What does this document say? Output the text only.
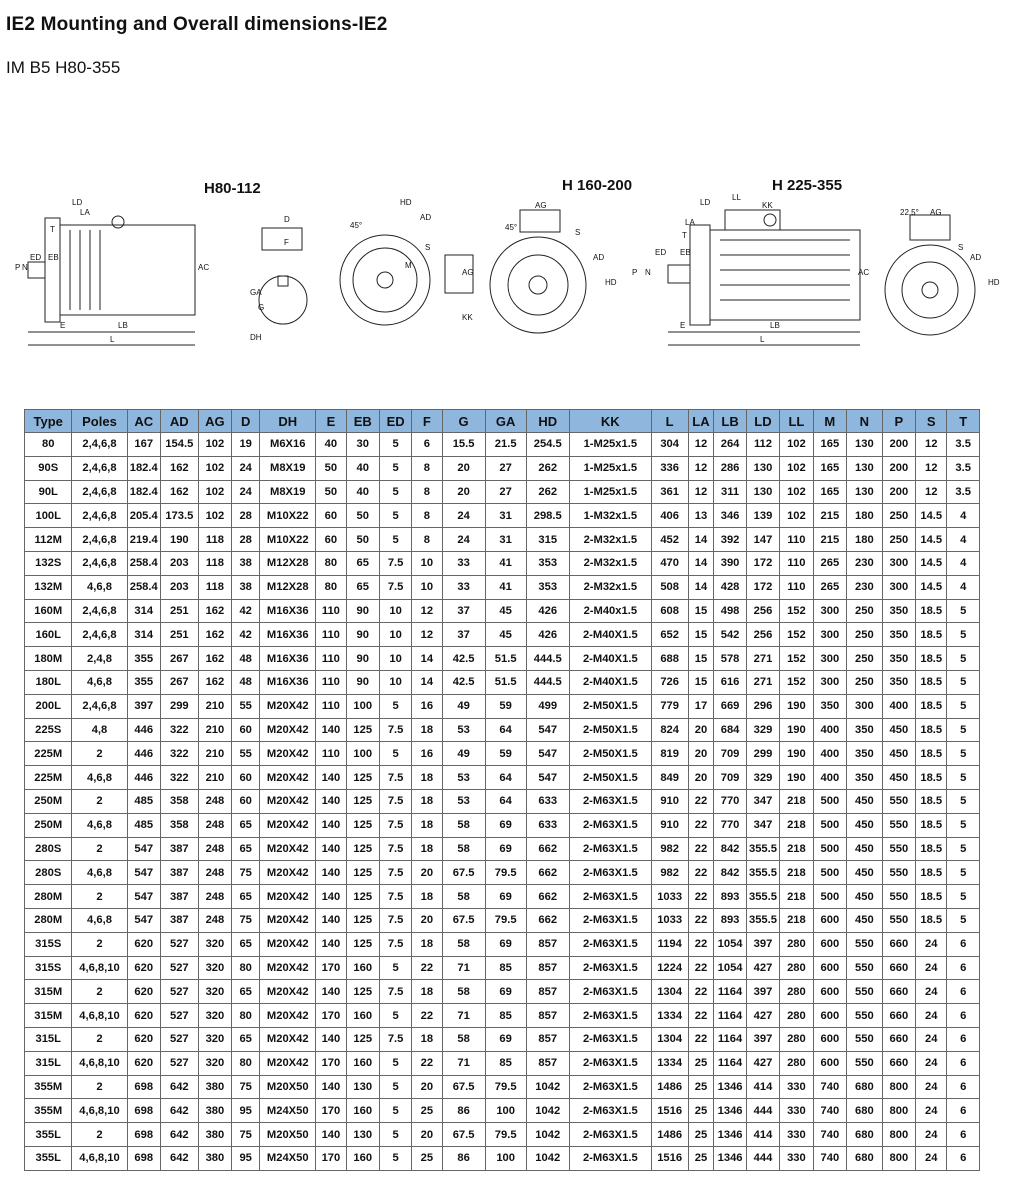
IE2 Mounting and Overall dimensions-IE2
IM B5 H80-355
H80-112	H 160-200	H 225-355
LD
LA
T
ED EB
P N
E	LB
L
AC
D
F
GA
G
DH
HD
AD
45°
S
M
AG
KK
AG
45°
S
AD
HD
LD
LL
KK
LA
T
ED EB
P N
E	LB
L
AC
22.5° AG
S
AD
HD
Type	Poles	AC	AD	AG	D	DH	E	EB	ED	F	G	GA	HD	KK	L	LA	LB	LD	LL	M	N	P	S	T
80	2,4,6,8	167	154.5	102	19	M6X16	40	30	5	6	15.5	21.5	254.5	1-M25x1.5	304	12	264	112	102	165	130	200	12	3.5
90S	2,4,6,8	182.4	162	102	24	M8X19	50	40	5	8	20	27	262	1-M25x1.5	336	12	286	130	102	165	130	200	12	3.5
90L	2,4,6,8	182.4	162	102	24	M8X19	50	40	5	8	20	27	262	1-M25x1.5	361	12	311	130	102	165	130	200	12	3.5
100L	2,4,6,8	205.4	173.5	102	28	M10X22	60	50	5	8	24	31	298.5	1-M32x1.5	406	13	346	139	102	215	180	250	14.5	4
112M	2,4,6,8	219.4	190	118	28	M10X22	60	50	5	8	24	31	315	2-M32x1.5	452	14	392	147	110	215	180	250	14.5	4
132S	2,4,6,8	258.4	203	118	38	M12X28	80	65	7.5	10	33	41	353	2-M32x1.5	470	14	390	172	110	265	230	300	14.5	4
132M	4,6,8	258.4	203	118	38	M12X28	80	65	7.5	10	33	41	353	2-M32x1.5	508	14	428	172	110	265	230	300	14.5	4
160M	2,4,6,8	314	251	162	42	M16X36	110	90	10	12	37	45	426	2-M40x1.5	608	15	498	256	152	300	250	350	18.5	5
160L	2,4,6,8	314	251	162	42	M16X36	110	90	10	12	37	45	426	2-M40X1.5	652	15	542	256	152	300	250	350	18.5	5
180M	2,4,8	355	267	162	48	M16X36	110	90	10	14	42.5	51.5	444.5	2-M40X1.5	688	15	578	271	152	300	250	350	18.5	5
180L	4,6,8	355	267	162	48	M16X36	110	90	10	14	42.5	51.5	444.5	2-M40X1.5	726	15	616	271	152	300	250	350	18.5	5
200L	2,4,6,8	397	299	210	55	M20X42	110	100	5	16	49	59	499	2-M50X1.5	779	17	669	296	190	350	300	400	18.5	5
225S	4,8	446	322	210	60	M20X42	140	125	7.5	18	53	64	547	2-M50X1.5	824	20	684	329	190	400	350	450	18.5	5
225M	2	446	322	210	55	M20X42	110	100	5	16	49	59	547	2-M50X1.5	819	20	709	299	190	400	350	450	18.5	5
225M	4,6,8	446	322	210	60	M20X42	140	125	7.5	18	53	64	547	2-M50X1.5	849	20	709	329	190	400	350	450	18.5	5
250M	2	485	358	248	60	M20X42	140	125	7.5	18	53	64	633	2-M63X1.5	910	22	770	347	218	500	450	550	18.5	5
250M	4,6,8	485	358	248	65	M20X42	140	125	7.5	18	58	69	633	2-M63X1.5	910	22	770	347	218	500	450	550	18.5	5
280S	2	547	387	248	65	M20X42	140	125	7.5	18	58	69	662	2-M63X1.5	982	22	842	355.5	218	500	450	550	18.5	5
280S	4,6,8	547	387	248	75	M20X42	140	125	7.5	20	67.5	79.5	662	2-M63X1.5	982	22	842	355.5	218	500	450	550	18.5	5
280M	2	547	387	248	65	M20X42	140	125	7.5	18	58	69	662	2-M63X1.5	1033	22	893	355.5	218	500	450	550	18.5	5
280M	4,6,8	547	387	248	75	M20X42	140	125	7.5	20	67.5	79.5	662	2-M63X1.5	1033	22	893	355.5	218	600	450	550	18.5	5
315S	2	620	527	320	65	M20X42	140	125	7.5	18	58	69	857	2-M63X1.5	1194	22	1054	397	280	600	550	660	24	6
315S	4,6,8,10	620	527	320	80	M20X42	170	160	5	22	71	85	857	2-M63X1.5	1224	22	1054	427	280	600	550	660	24	6
315M	2	620	527	320	65	M20X42	140	125	7.5	18	58	69	857	2-M63X1.5	1304	22	1164	397	280	600	550	660	24	6
315M	4,6,8,10	620	527	320	80	M20X42	170	160	5	22	71	85	857	2-M63X1.5	1334	22	1164	427	280	600	550	660	24	6
315L	2	620	527	320	65	M20X42	140	125	7.5	18	58	69	857	2-M63X1.5	1304	22	1164	397	280	600	550	660	24	6
315L	4,6,8,10	620	527	320	80	M20X42	170	160	5	22	71	85	857	2-M63X1.5	1334	25	1164	427	280	600	550	660	24	6
355M	2	698	642	380	75	M20X50	140	130	5	20	67.5	79.5	1042	2-M63X1.5	1486	25	1346	414	330	740	680	800	24	6
355M	4,6,8,10	698	642	380	95	M24X50	170	160	5	25	86	100	1042	2-M63X1.5	1516	25	1346	444	330	740	680	800	24	6
355L	2	698	642	380	75	M20X50	140	130	5	20	67.5	79.5	1042	2-M63X1.5	1486	25	1346	414	330	740	680	800	24	6
355L	4,6,8,10	698	642	380	95	M24X50	170	160	5	25	86	100	1042	2-M63X1.5	1516	25	1346	444	330	740	680	800	24	6
